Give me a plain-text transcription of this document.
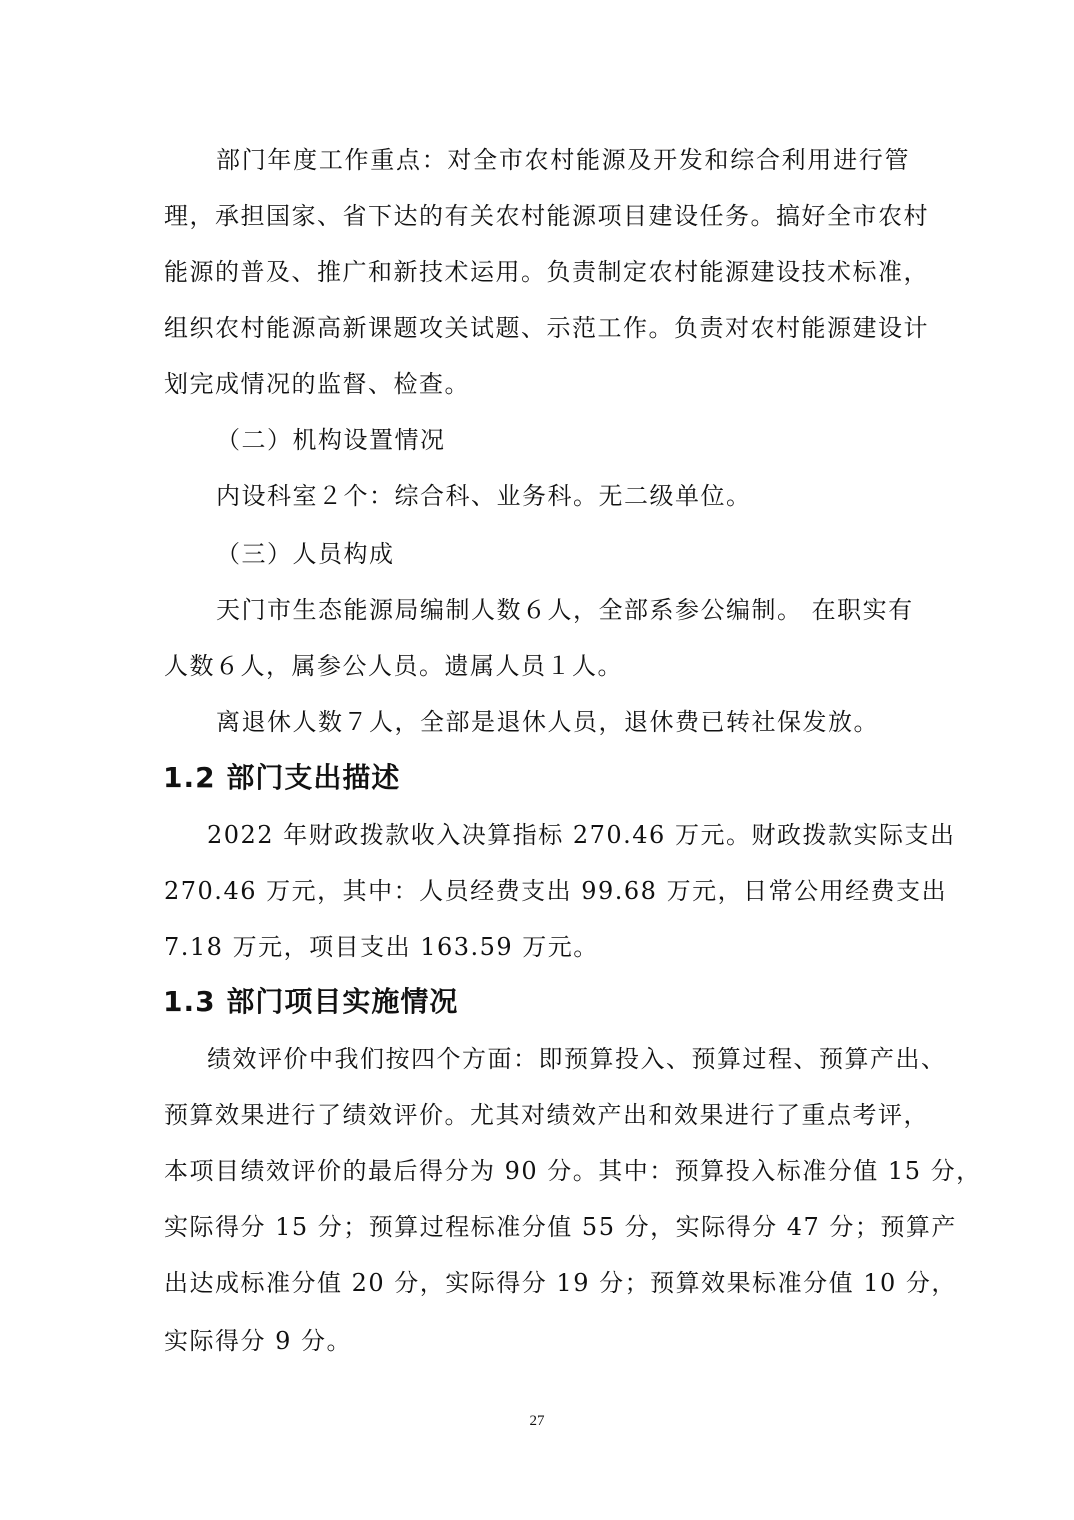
部门年度工作重点：对全市农村能源及开发和综合利用进行管
理，承担国家、省下达的有关农村能源项目建设任务。搞好全市农村
能源的普及、推广和新技术运用。负责制定农村能源建设技术标准，
组织农村能源高新课题攻关试题、示范工作。负责对农村能源建设计
划完成情况的监督、检查。
（二）机构设置情况
内设科室２个：综合科、业务科。无二级单位。
（三）人员构成
天门市生态能源局编制人数６人，全部系参公编制。 在职实有
人数６人，属参公人员。遗属人员１人。
离退休人数７人，全部是退休人员，退休费已转社保发放。
1.2 部门支出描述
2022 年财政拨款收入决算指标 270.46 万元。财政拨款实际支出
270.46 万元，其中：人员经费支出 99.68 万元，日常公用经费支出
7.18 万元，项目支出 163.59 万元。
1.3 部门项目实施情况
绩效评价中我们按四个方面：即预算投入、预算过程、预算产出、
预算效果进行了绩效评价。尤其对绩效产出和效果进行了重点考评，
本项目绩效评价的最后得分为 90 分。其中：预算投入标准分值 15 分，
实际得分 15 分；预算过程标准分值 55 分，实际得分 47 分；预算产
出达成标准分值 20 分，实际得分 19 分；预算效果标准分值 10 分，
实际得分 9 分。
27
